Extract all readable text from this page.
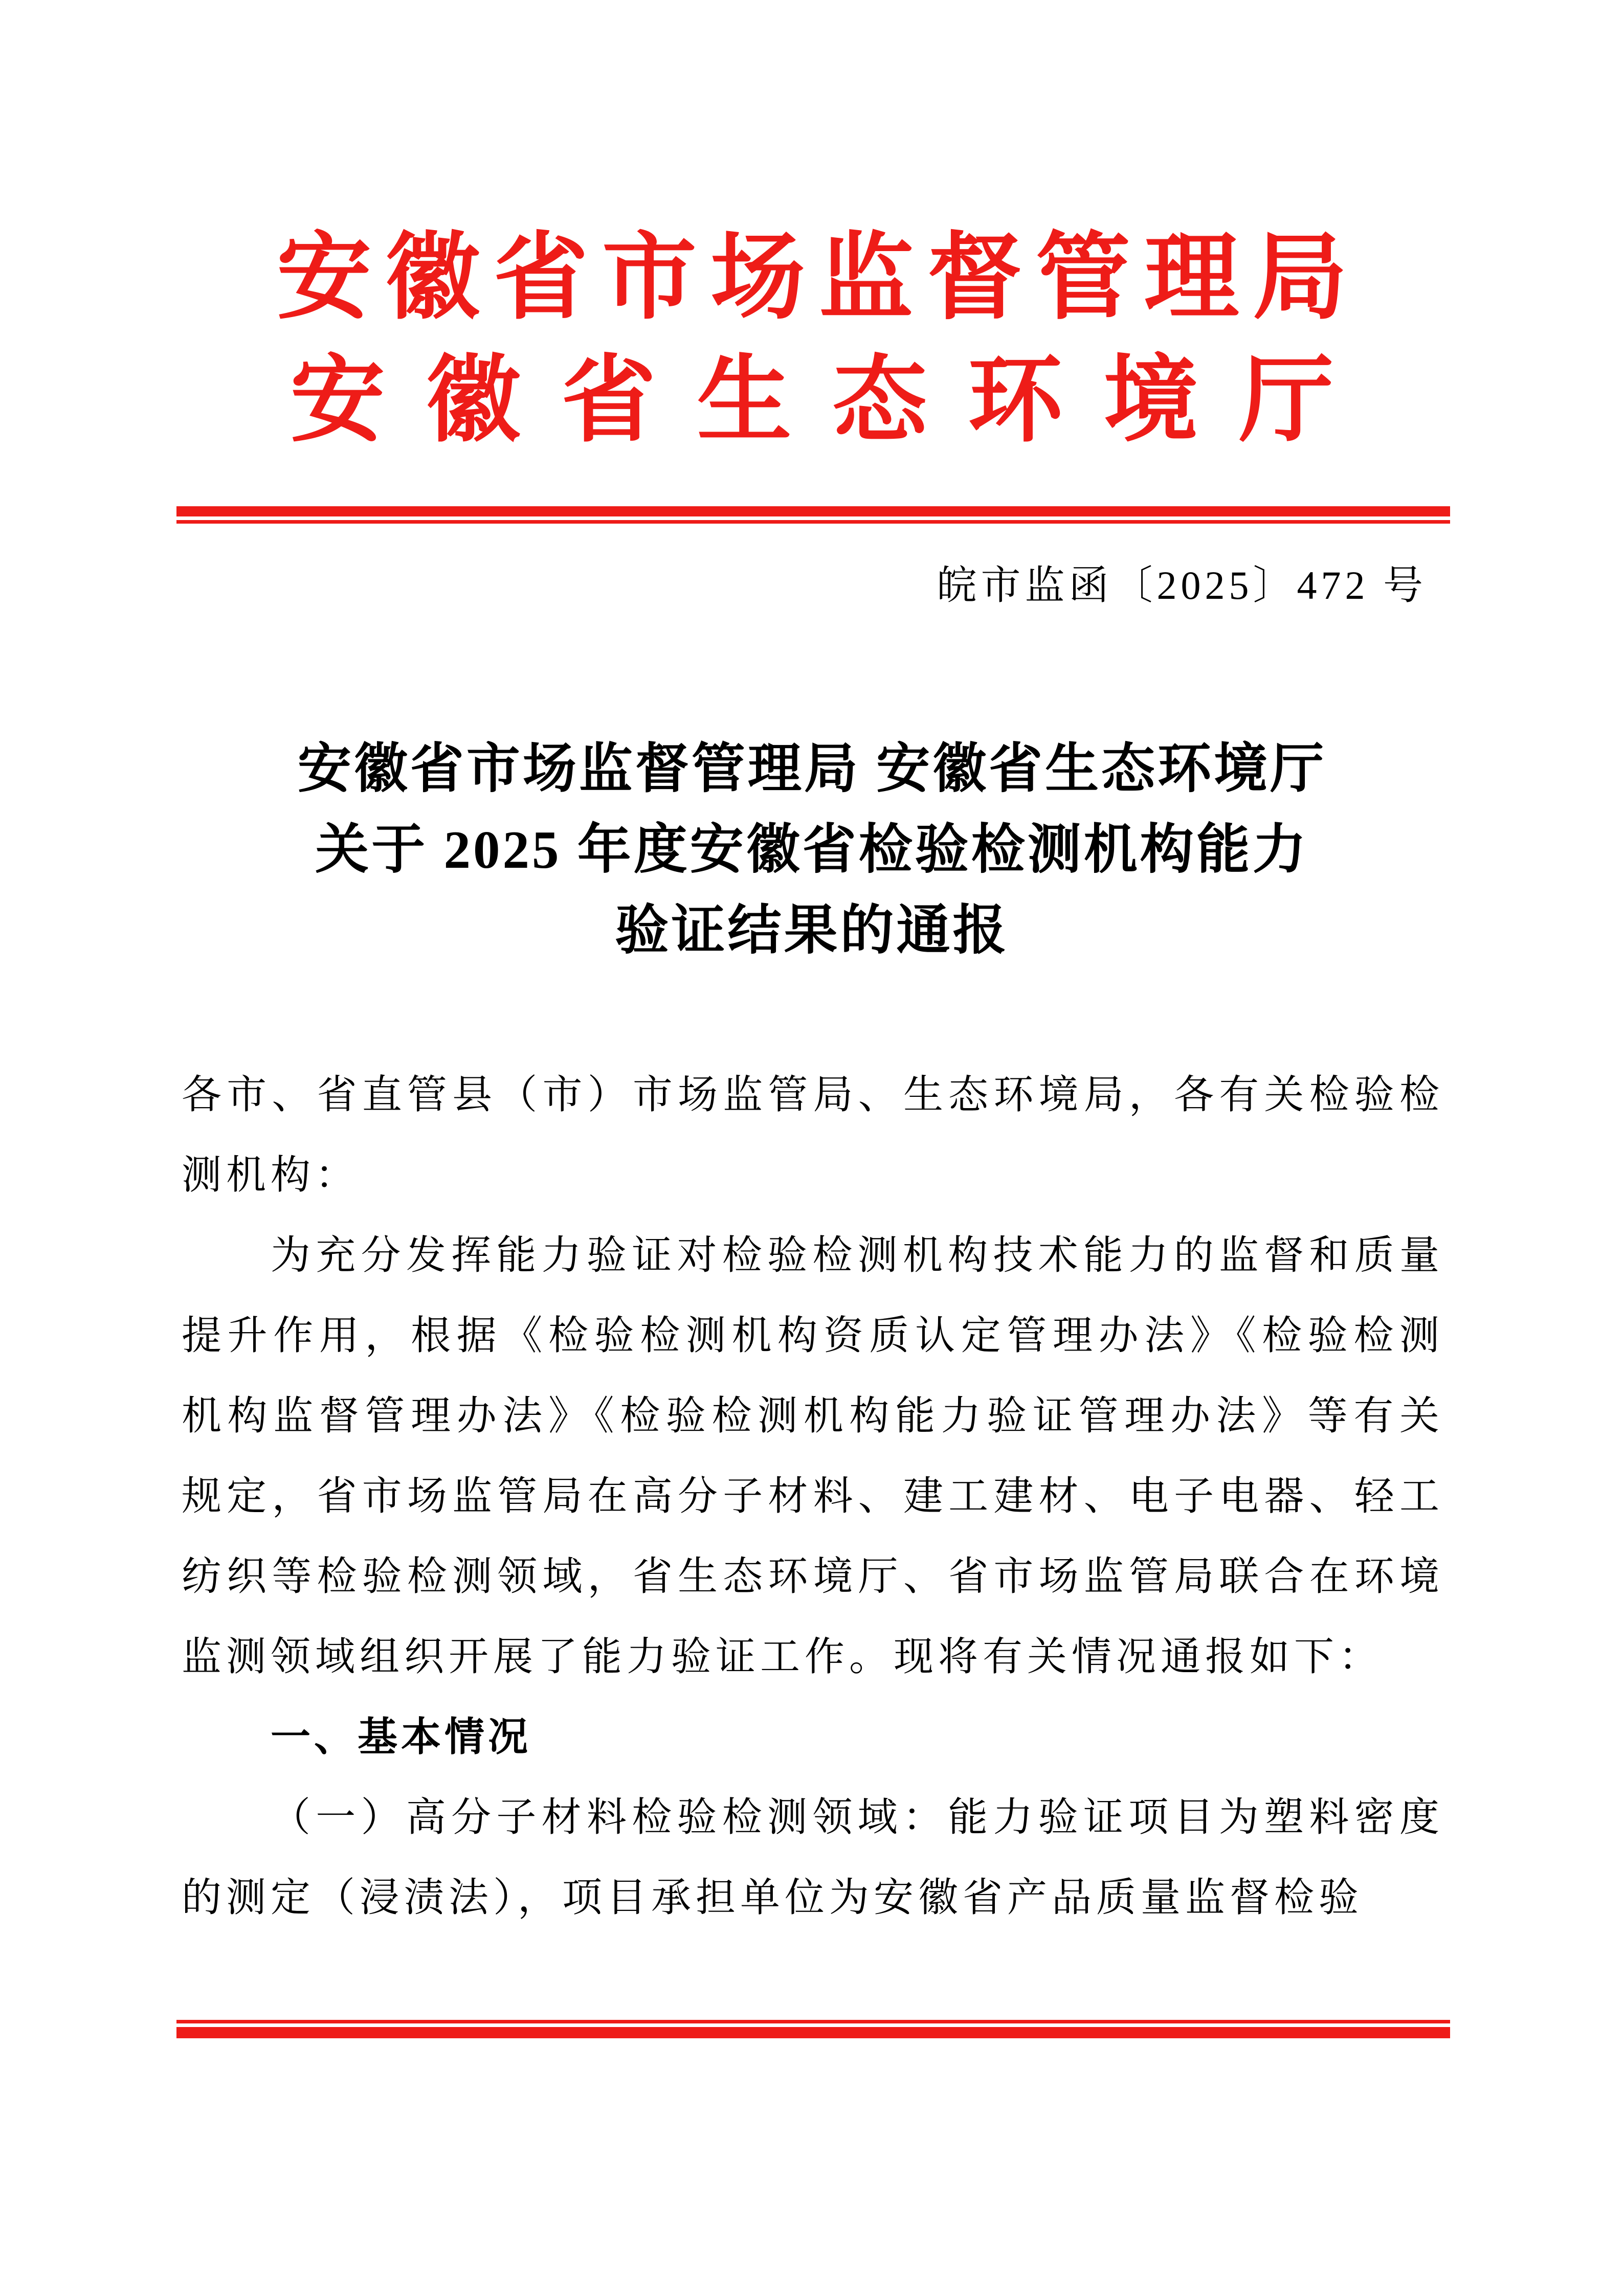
安徽省市场监督管理局
安徽省生态环境厅
皖市监函〔2025〕472 号
安徽省市场监督管理局 安徽省生态环境厅
关于 2025 年度安徽省检验检测机构能力
验证结果的通报

各市、省直管县（市）市场监管局、生态环境局，各有关检验检测机构：

为充分发挥能力验证对检验检测机构技术能力的监督和质量提升作用，根据《检验检测机构资质认定管理办法》《检验检测机构监督管理办法》《检验检测机构能力验证管理办法》等有关规定，省市场监管局在高分子材料、建工建材、电子电器、轻工纺织等检验检测领域，省生态环境厅、省市场监管局联合在环境监测领域组织开展了能力验证工作。现将有关情况通报如下：

一、基本情况

（一）高分子材料检验检测领域：能力验证项目为塑料密度的测定（浸渍法），项目承担单位为安徽省产品质量监督检验
